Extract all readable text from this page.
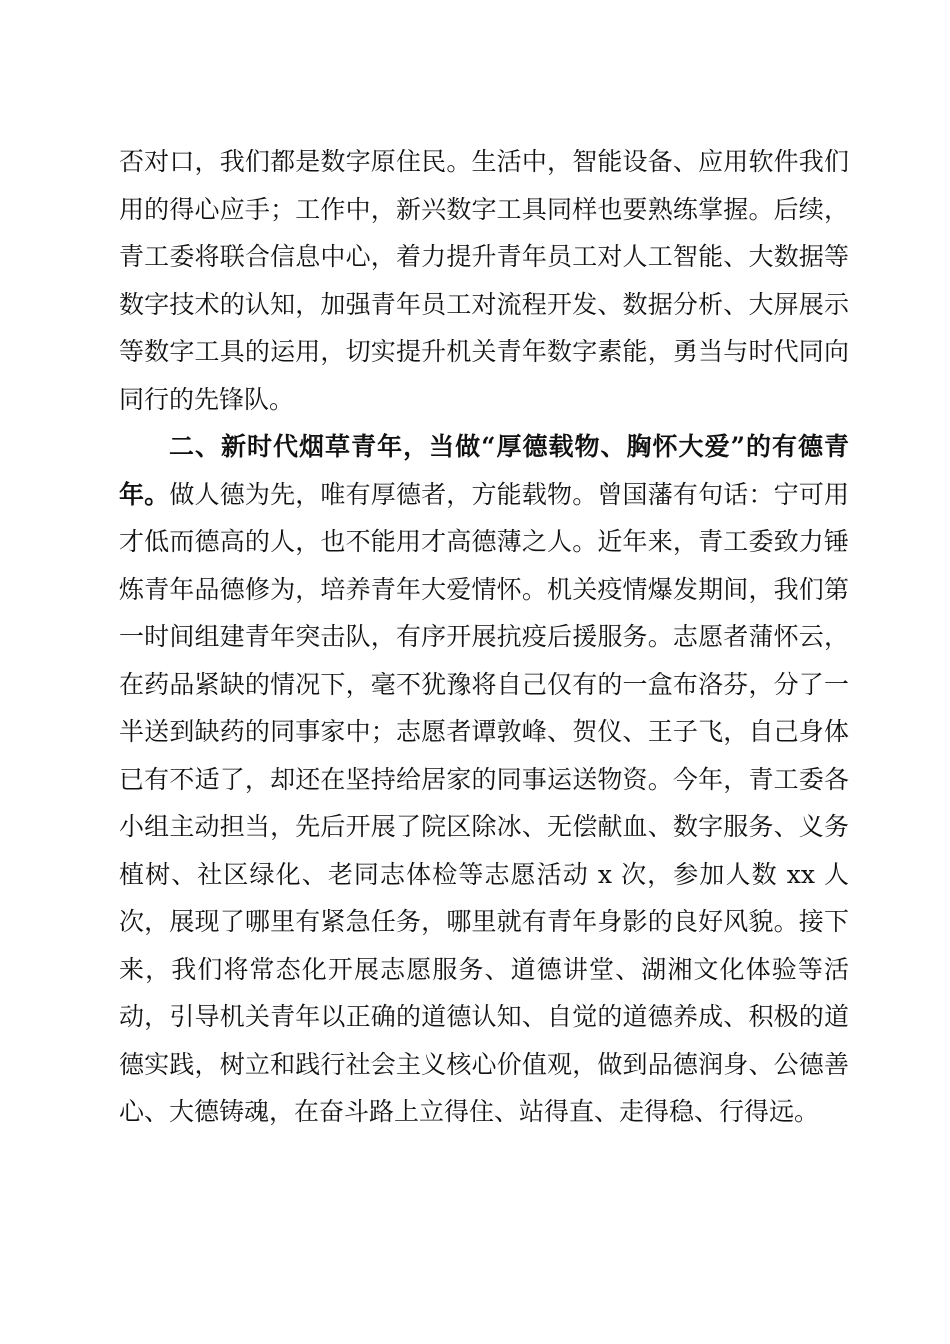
否对口，我们都是数字原住民。生活中，智能设备、应用软件我们用的得心应手；工作中，新兴数字工具同样也要熟练掌握。后续，青工委将联合信息中心，着力提升青年员工对人工智能、大数据等数字技术的认知，加强青年员工对流程开发、数据分析、大屏展示等数字工具的运用，切实提升机关青年数字素能，勇当与时代同向同行的先锋队。

二、新时代烟草青年，当做“厚德载物、胸怀大爱”的有德青年。做人德为先，唯有厚德者，方能载物。曾国藩有句话：宁可用才低而德高的人，也不能用才高德薄之人。近年来，青工委致力锤炼青年品德修为，培养青年大爱情怀。机关疫情爆发期间，我们第一时间组建青年突击队，有序开展抗疫后援服务。志愿者蒲怀云，在药品紧缺的情况下，毫不犹豫将自己仅有的一盒布洛芬，分了一半送到缺药的同事家中；志愿者谭敦峰、贺仪、王子飞，自己身体已有不适了，却还在坚持给居家的同事运送物资。今年，青工委各小组主动担当，先后开展了院区除冰、无偿献血、数字服务、义务植树、社区绿化、老同志体检等志愿活动 x 次，参加人数 xx 人次，展现了哪里有紧急任务，哪里就有青年身影的良好风貌。接下来，我们将常态化开展志愿服务、道德讲堂、湖湘文化体验等活动，引导机关青年以正确的道德认知、自觉的道德养成、积极的道德实践，树立和践行社会主义核心价值观，做到品德润身、公德善心、大德铸魂，在奋斗路上立得住、站得直、走得稳、行得远。
